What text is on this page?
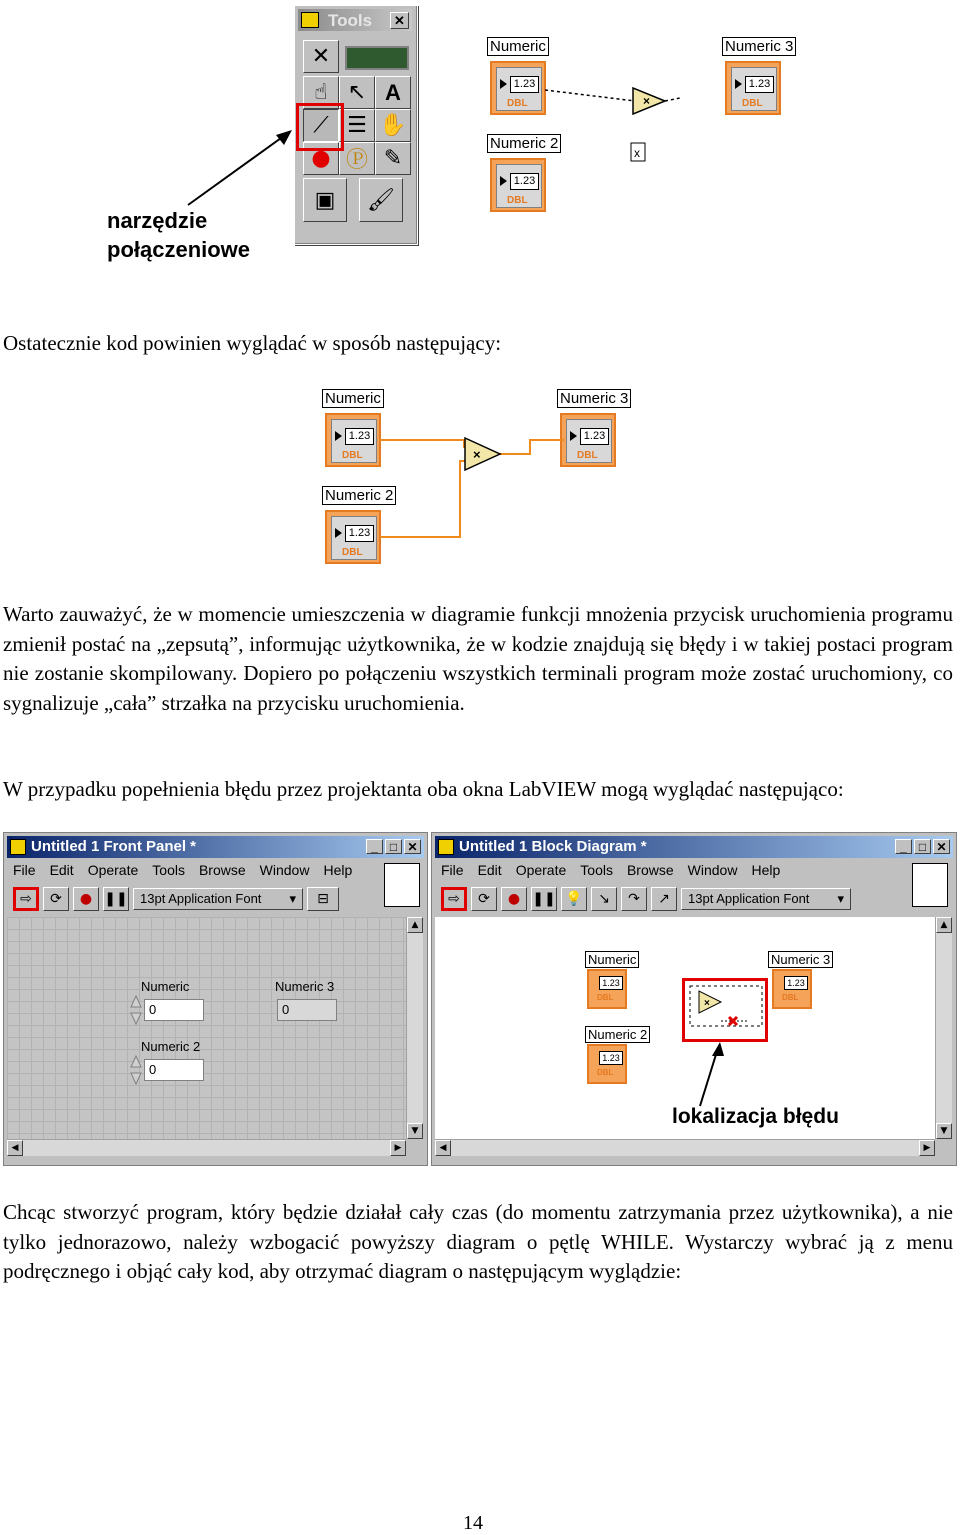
Tools	✕
✕
☝ ↖ A
⟋ ☰ ✋
● Ⓟ ✎
▣	🖌
narzędzie
połączeniowe
Numeric
1.23
DBL
Numeric 2
1.23
DBL
Numeric 3
1.23
DBL
×
x
Ostatecznie kod powinien wyglądać w sposób następujący:
Numeric
1.23
DBL
Numeric 2
1.23
DBL
Numeric 3
1.23
DBL
×
Warto zauważyć, że w momencie umieszczenia w diagramie funkcji mnożenia przycisk uruchomienia programu zmienił postać na „zepsutą”, informując użytkownika, że w kodzie znajdują się błędy i w takiej postaci program nie zostanie skompilowany. Dopiero po połączeniu wszystkich terminali program może zostać uruchomiony, co sygnalizuje „cała” strzałka na przycisku uruchomienia.
W przypadku popełnienia błędu przez projektanta oba okna LabVIEW mogą wyglądać następująco:
Untitled 1 Front Panel *	_	□ ✕
File Edit Operate Tools Browse Window Help
⇨	⟳	● ❚❚ 13pt Application Font ▾	⊟
▲
▼
◀	▶
Numeric
0
Numeric 3
0
Numeric 2
0
Untitled 1 Block Diagram *	_	□ ✕
File Edit Operate Tools Browse Window Help
⇨	⟳	● ❚❚ 💡	↘	↷	↗	13pt Application Font ▾
▲
▼
◀	▶
Numeric
1.23
DBL
Numeric 2
1.23
DBL
Numeric 3
1.23
DBL
×
lokalizacja błędu
Chcąc stworzyć program, który będzie działał cały czas (do momentu zatrzymania przez użytkownika), a nie tylko jednorazowo, należy wzbogacić powyższy diagram o pętlę WHILE. Wystarczy wybrać ją z menu podręcznego i objąć cały kod, aby otrzymać diagram o następującym wyglądzie:
14
